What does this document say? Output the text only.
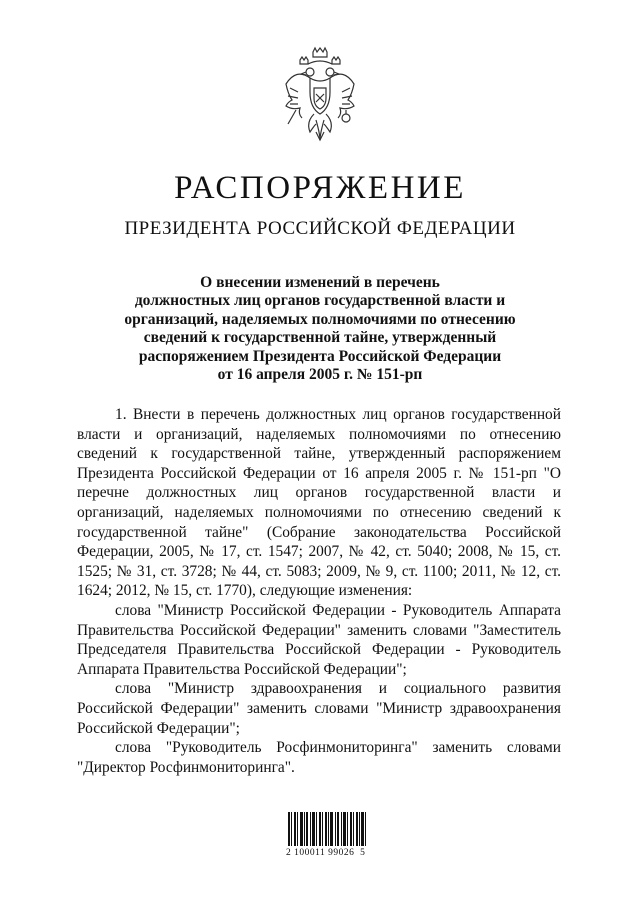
РАСПОРЯЖЕНИЕ
ПРЕЗИДЕНТА РОССИЙСКОЙ ФЕДЕРАЦИИ
О внесении изменений в перечень
должностных лиц органов государственной власти и
организаций, наделяемых полномочиями по отнесению
сведений к государственной тайне, утвержденный
распоряжением Президента Российской Федерации
от 16 апреля 2005 г. № 151-рп

1. Внести в перечень должностных лиц органов государственной власти и организаций, наделяемых полномочиями по отнесению сведений к государственной тайне, утвержденный распоряжением Президента Российской Федерации от 16 апреля 2005 г. № 151-рп "О перечне должностных лиц органов государственной власти и организаций, наделяемых полномочиями по отнесению сведений к государственной тайне" (Собрание законодательства Российской Федерации, 2005, № 17, ст. 1547; 2007, № 42, ст. 5040; 2008, № 15, ст. 1525; № 31, ст. 3728; № 44, ст. 5083; 2009, № 9, ст. 1100; 2011, № 12, ст. 1624; 2012, № 15, ст. 1770), следующие изменения:

слова "Министр Российской Федерации - Руководитель Аппарата Правительства Российской Федерации" заменить словами "Заместитель Председателя Правительства Российской Федерации - Руководитель Аппарата Правительства Российской Федерации";

слова "Министр здравоохранения и социального развития Российской Федерации" заменить словами "Министр здравоохранения Российской Федерации";

слова "Руководитель Росфинмониторинга" заменить словами "Директор Росфинмониторинга".

2 100011 99026  5
